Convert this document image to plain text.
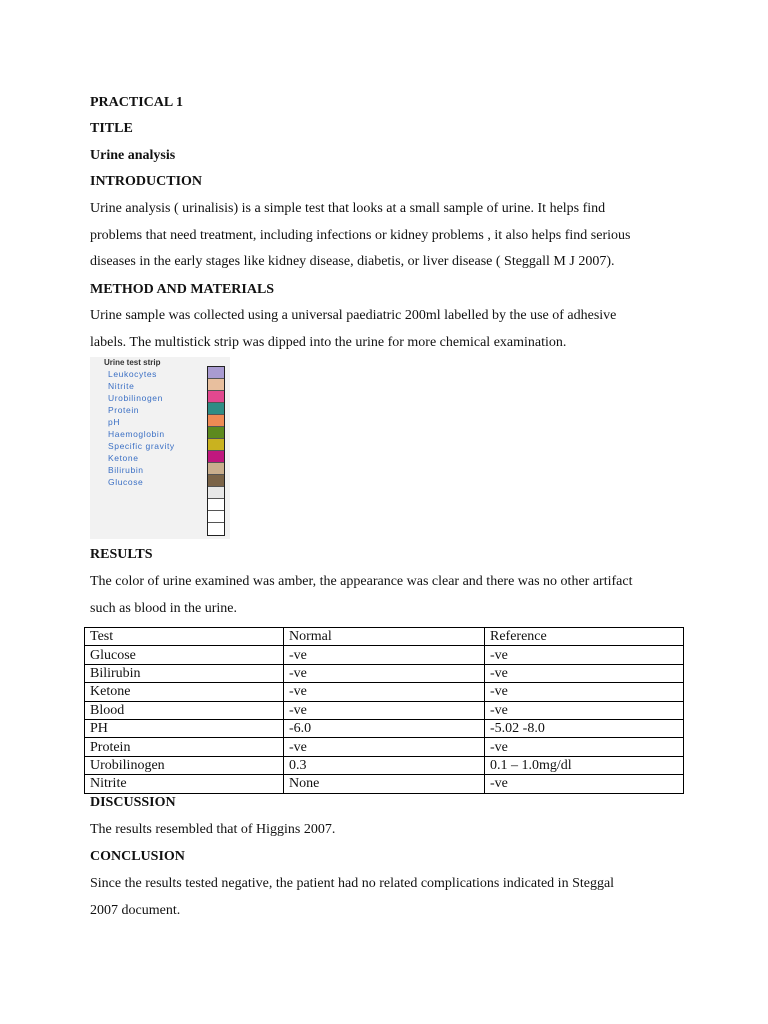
PRACTICAL 1

TITLE

Urine analysis

INTRODUCTION

Urine analysis ( urinalisis) is a simple test that looks at a small sample of urine. It helps find

problems that need treatment, including infections or kidney problems , it also helps find serious

diseases in the early stages like kidney disease, diabetis, or liver disease ( Steggall M J 2007).

METHOD AND MATERIALS

Urine sample was collected using a universal paediatric 200ml labelled by the use of adhesive

labels. The multistick strip was dipped into the urine for more chemical examination.

Urine test strip
Leukocytes
Nitrite
Urobilinogen
Protein
pH
Haemoglobin
Specific gravity
Ketone
Bilirubin
Glucose

RESULTS

The color of urine examined was amber, the appearance was clear and there was no other artifact

such as blood in the urine.

Test	Normal	Reference
Glucose	-ve	-ve
Bilirubin	-ve	-ve
Ketone	-ve	-ve
Blood	-ve	-ve
PH	-6.0	-5.02 -8.0
Protein	-ve	-ve
Urobilinogen	0.3	0.1 – 1.0mg/dl
Nitrite	None	-ve

DISCUSSION

The results resembled that of Higgins 2007.

CONCLUSION

Since the results tested negative, the patient had no related complications indicated in Steggal

2007 document.
